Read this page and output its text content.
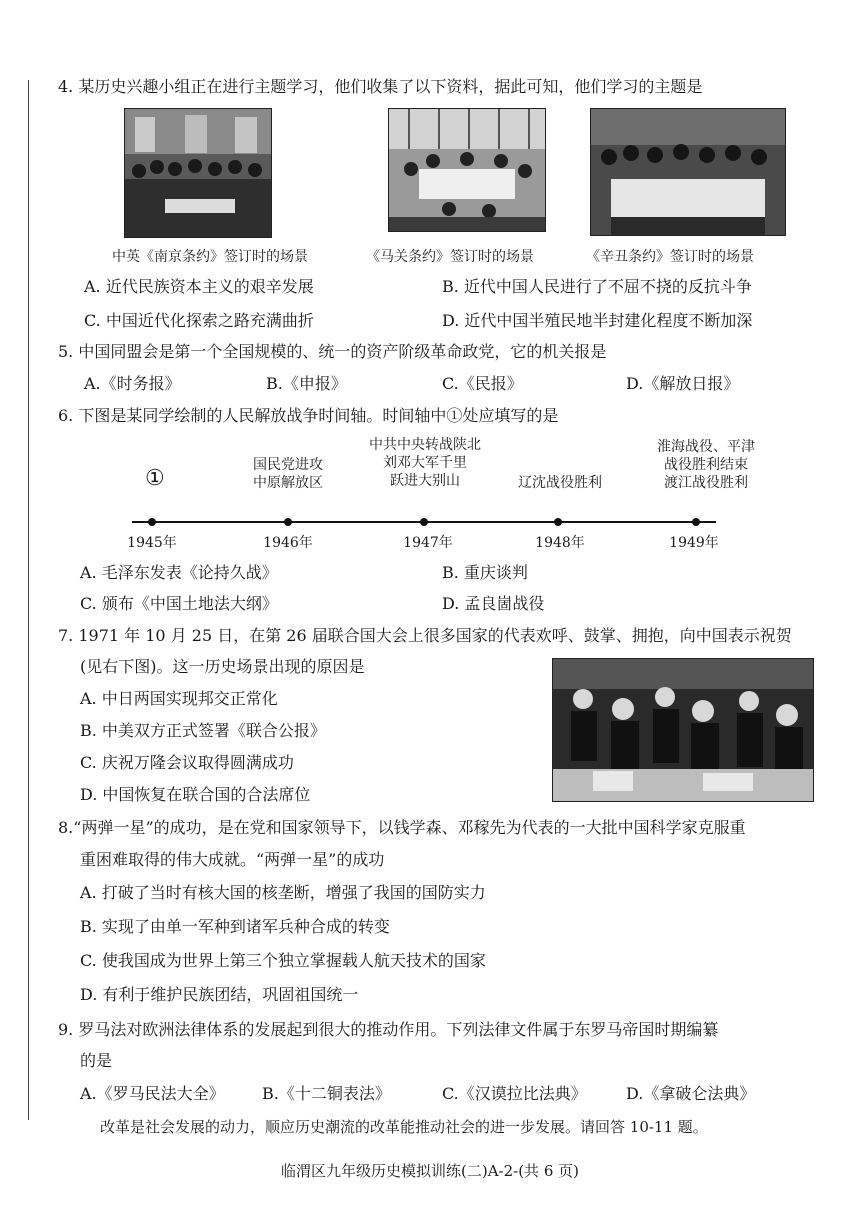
4. 某历史兴趣小组正在进行主题学习，他们收集了以下资料，据此可知，他们学习的主题是
中英《南京条约》签订时的场景	《马关条约》签订时的场景	《辛丑条约》签订时的场景
A. 近代民族资本主义的艰辛发展	B. 近代中国人民进行了不屈不挠的反抗斗争
C. 中国近代化探索之路充满曲折	D. 近代中国半殖民地半封建化程度不断加深
5. 中国同盟会是第一个全国规模的、统一的资产阶级革命政党，它的机关报是
A.《时务报》	B.《申报》	C.《民报》	D.《解放日报》
6. 下图是某同学绘制的人民解放战争时间轴。时间轴中①处应填写的是
①
国民党进攻
中原解放区
中共中央转战陕北
刘邓大军千里
跃进大别山	辽沈战役胜利
淮海战役、平津
战役胜利结束
渡江战役胜利
1945年	1946年	1947年	1948年	1949年
A. 毛泽东发表《论持久战》	B. 重庆谈判
C. 颁布《中国土地法大纲》	D. 孟良崮战役
7. 1971 年 10 月 25 日，在第 26 届联合国大会上很多国家的代表欢呼、鼓掌、拥抱，向中国表示祝贺
(见右下图)。这一历史场景出现的原因是
A. 中日两国实现邦交正常化
B. 中美双方正式签署《联合公报》
C. 庆祝万隆会议取得圆满成功
D. 中国恢复在联合国的合法席位
8.“两弹一星”的成功，是在党和国家领导下，以钱学森、邓稼先为代表的一大批中国科学家克服重
重困难取得的伟大成就。“两弹一星”的成功
A. 打破了当时有核大国的核垄断，增强了我国的国防实力
B. 实现了由单一军种到诸军兵种合成的转变
C. 使我国成为世界上第三个独立掌握载人航天技术的国家
D. 有利于维护民族团结，巩固祖国统一
9. 罗马法对欧洲法律体系的发展起到很大的推动作用。下列法律文件属于东罗马帝国时期编纂
的是
A.《罗马民法大全》 B.《十二铜表法》	C.《汉谟拉比法典》 D.《拿破仑法典》
改革是社会发展的动力，顺应历史潮流的改革能推动社会的进一步发展。请回答 10-11 题。
临渭区九年级历史模拟训练(二)A-2-(共 6 页)
